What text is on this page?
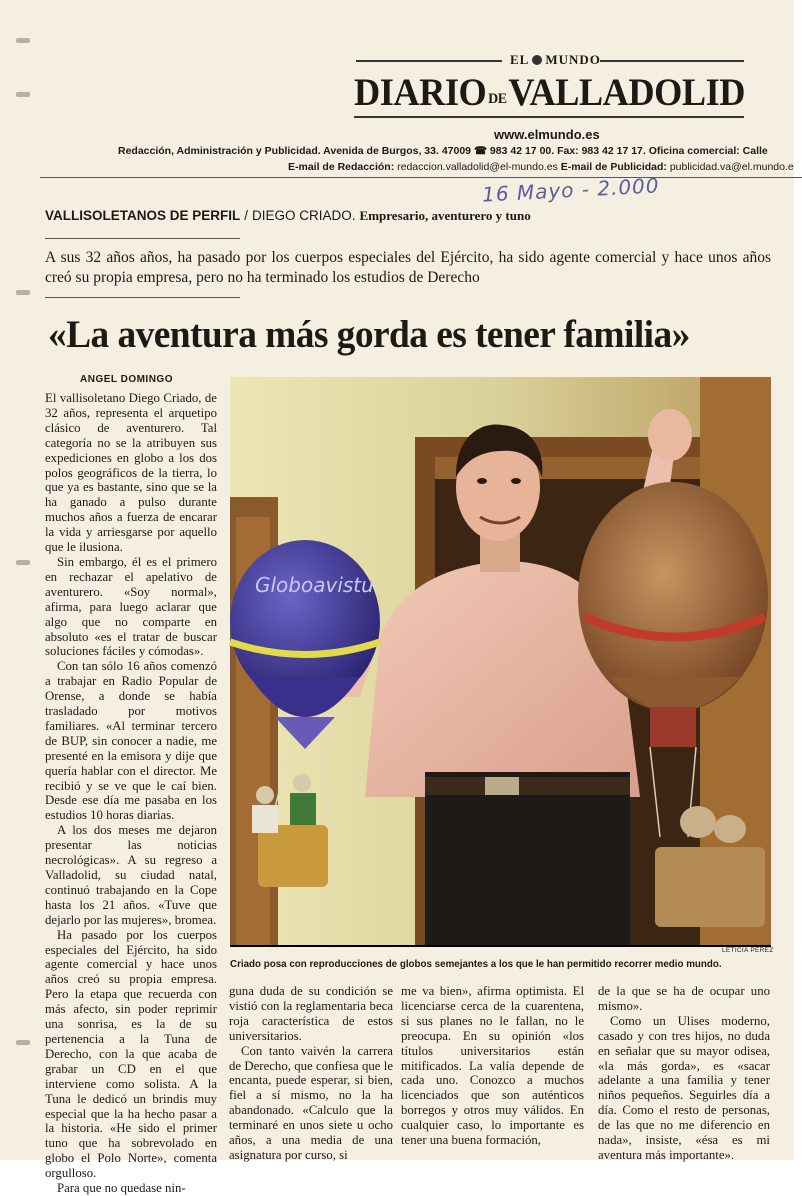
EL MUNDO
DIARIO DEVALLADOLID
www.elmundo.es
Redacción, Administración y Publicidad. Avenida de Burgos, 33. 47009 ☎ 983 42 17 00. Fax: 983 42 17 17. Oficina comercial: Calle
E-mail de Redacción: redaccion.valladolid@el-mundo.es E-mail de Publicidad: publicidad.va@el.mundo.e
16 Mayo - 2.000
VALLISOLETANOS DE PERFIL / DIEGO CRIADO. Empresario, aventurero y tuno
A sus 32 años años, ha pasado por los cuerpos especiales del Ejército, ha sido agente comercial y hace unos años creó su propia empresa, pero no ha terminado los estudios de Derecho
«La aventura más gorda es tener familia»
ANGEL DOMINGO

El vallisoletano Diego Criado, de 32 años, representa el arquetipo clásico de aventurero. Tal categoría no se la atribuyen sus expediciones en globo a los dos polos geográficos de la tierra, lo que ya es bastante, sino que se la ha ganado a pulso durante muchos años a fuerza de encarar la vida y arriesgarse por aquello que le ilusiona.

Sin embargo, él es el primero en rechazar el apelativo de aventurero. «Soy normal», afirma, para luego aclarar que algo que no comparte en absoluto «es el tratar de buscar soluciones fáciles y cómodas».

Con tan sólo 16 años comenzó a trabajar en Radio Popular de Orense, a donde se había trasladado por motivos familiares. «Al terminar tercero de BUP, sin conocer a nadie, me presenté en la emisora y dije que quería hablar con el director. Me recibió y se ve que le caí bien. Desde ese día me pasaba en los estudios 10 horas diarias.

A los dos meses me dejaron presentar las noticias necrológicas». A su regreso a Valladolid, su ciudad natal, continuó trabajando en la Cope hasta los 21 años. «Tuve que dejarlo por las mujeres», bromea.

Ha pasado por los cuerpos especiales del Ejército, ha sido agente comercial y hace unos años creó su propia empresa. Pero la etapa que recuerda con más afecto, sin poder reprimir una sonrisa, es la de su pertenencia a la Tuna de Derecho, con la que acaba de grabar un CD en el que interviene como solista. A la Tuna le dedicó un brindis muy especial que la ha hecho pasar a la historia. «He sido el primer tuno que ha sobrevolado en globo el Polo Norte», comenta orgulloso.

Para que no quedase nin-

Globoavistu
LETICIA PEREZ
Criado posa con reproducciones de globos semejantes a los que le han permitido recorrer medio mundo.

guna duda de su condición se vistió con la reglamentaria beca roja característica de estos universitarios.

Con tanto vaivén la carrera de Derecho, que confiesa que le encanta, puede esperar, si bien, fiel a sí mismo, no la ha abandonado. «Calculo que la terminaré en unos siete u ocho años, a una media de una asignatura por curso, si

me va bien», afirma optimista. El licenciarse cerca de la cuarentena, si sus planes no le fallan, no le preocupa. En su opinión «los títulos universitarios están mitificados. La valía depende de cada uno. Conozco a muchos licenciados que son auténticos borregos y otros muy válidos. En cualquier caso, lo importante es tener una buena formación,

de la que se ha de ocupar uno mismo».

Como un Ulises moderno, casado y con tres hijos, no duda en señalar que su mayor odisea, «la más gorda», es «sacar adelante a una familia y tener niños pequeños. Seguirles día a día. Como el resto de personas, de las que no me diferencio en nada», insiste, «ésa es mi aventura más importante».
